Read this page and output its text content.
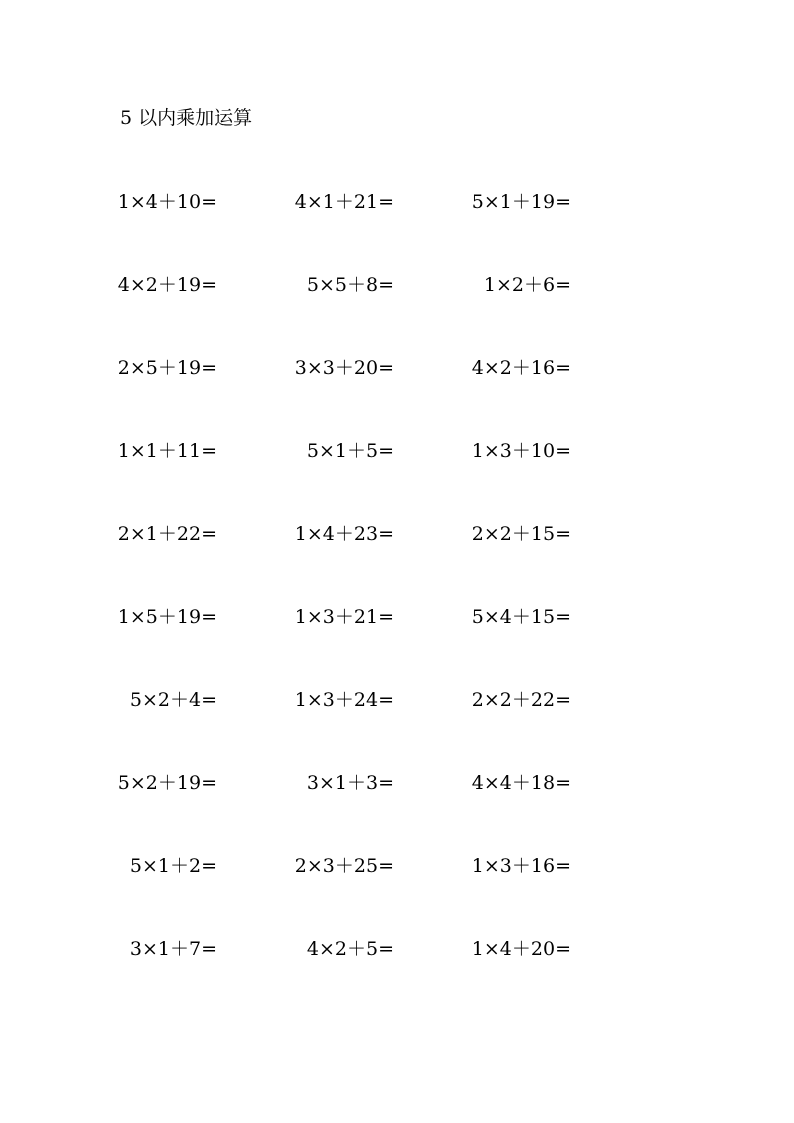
5 以内乘加运算
1×4＋10=	4×1＋21=	5×1＋19=
4×2＋19=	5×5＋8=	1×2＋6=
2×5＋19=	3×3＋20=	4×2＋16=
1×1＋11=	5×1＋5=	1×3＋10=
2×1＋22=	1×4＋23=	2×2＋15=
1×5＋19=	1×3＋21=	5×4＋15=
5×2＋4=	1×3＋24=	2×2＋22=
5×2＋19=	3×1＋3=	4×4＋18=
5×1＋2=	2×3＋25=	1×3＋16=
3×1＋7=	4×2＋5=	1×4＋20=
